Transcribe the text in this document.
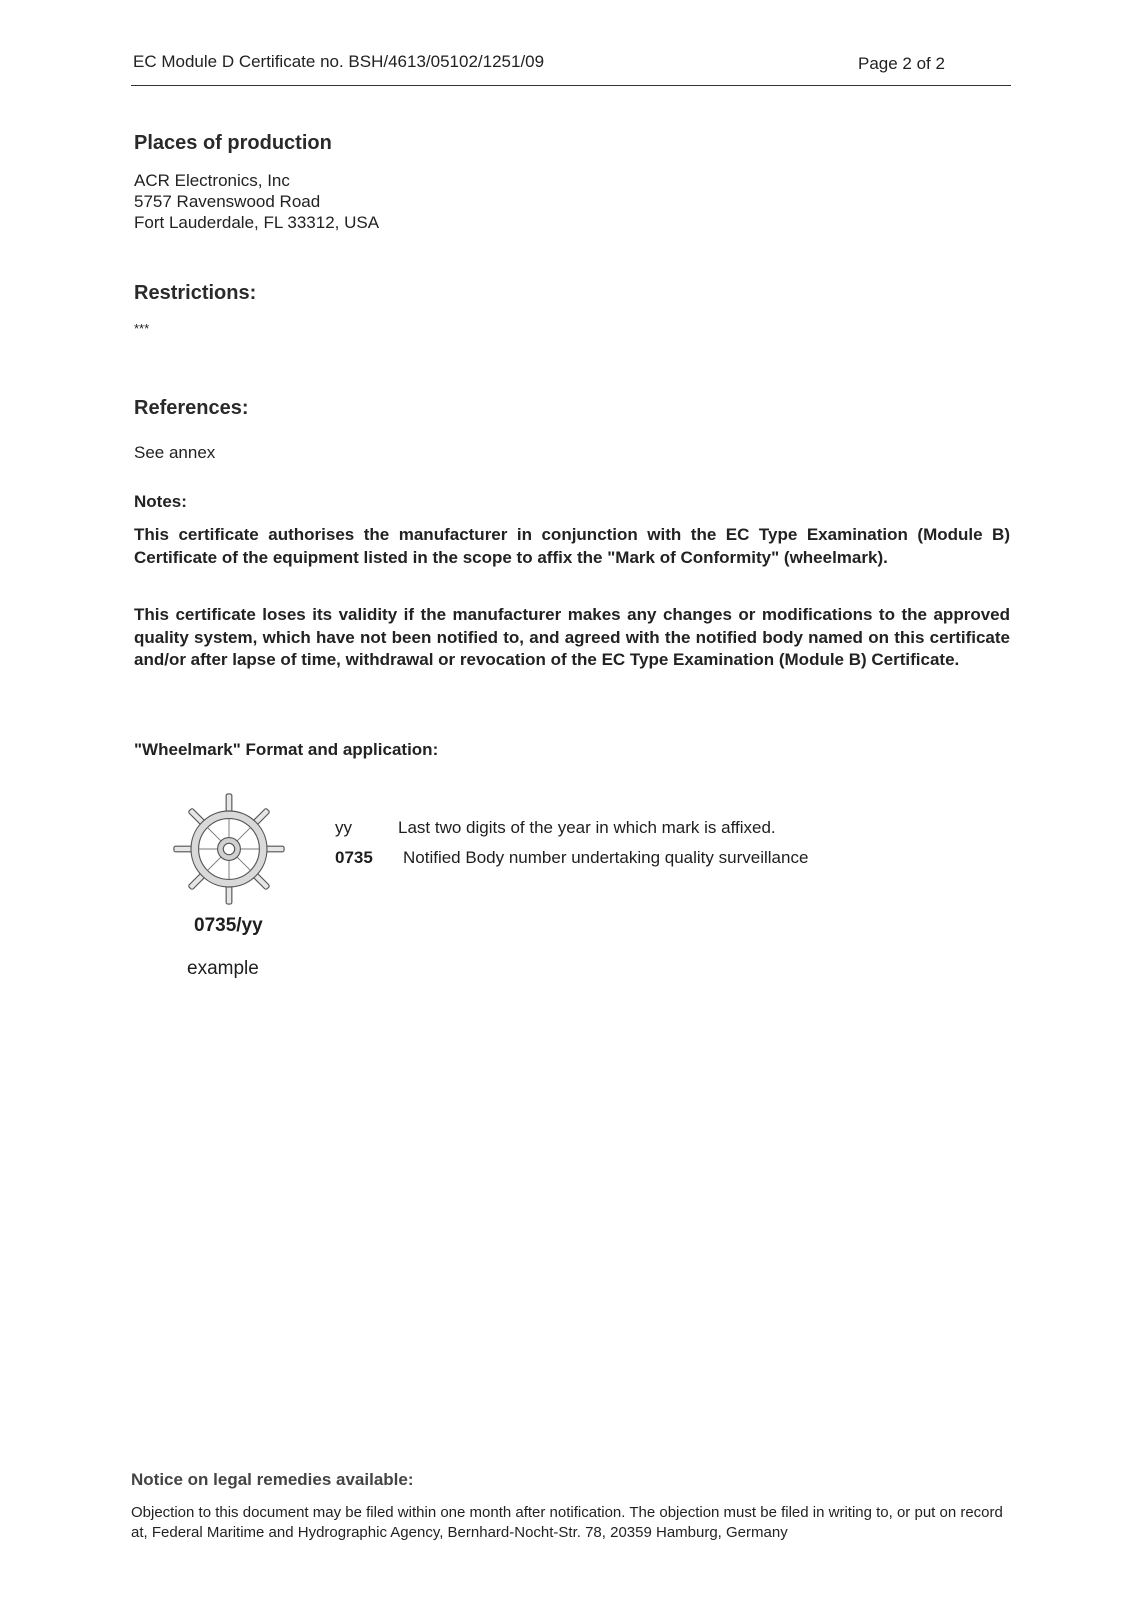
EC Module D Certificate no. BSH/4613/05102/1251/09	Page 2 of 2
Places of production
ACR Electronics, Inc
5757 Ravenswood Road
Fort Lauderdale, FL 33312, USA
Restrictions:
***
References:
See annex
Notes:
This certificate authorises the manufacturer in conjunction with the EC Type Examination (Module B) Certificate of the equipment listed in the scope to affix the "Mark of Conformity" (wheelmark).
This certificate loses its validity if the manufacturer makes any changes or modifications to the approved quality system, which have not been notified to, and agreed with the notified body named on this certificate and/or after lapse of time, withdrawal or revocation of the EC Type Examination (Module B) Certificate.
"Wheelmark" Format and application:
0735/yy
example
yy	Last two digits of the year in which mark is affixed.
0735 Notified Body number undertaking quality surveillance
Notice on legal remedies available:
Objection to this document may be filed within one month after notification. The objection must be filed in writing to, or put on record at, Federal Maritime and Hydrographic Agency, Bernhard-Nocht-Str. 78, 20359 Hamburg, Germany
